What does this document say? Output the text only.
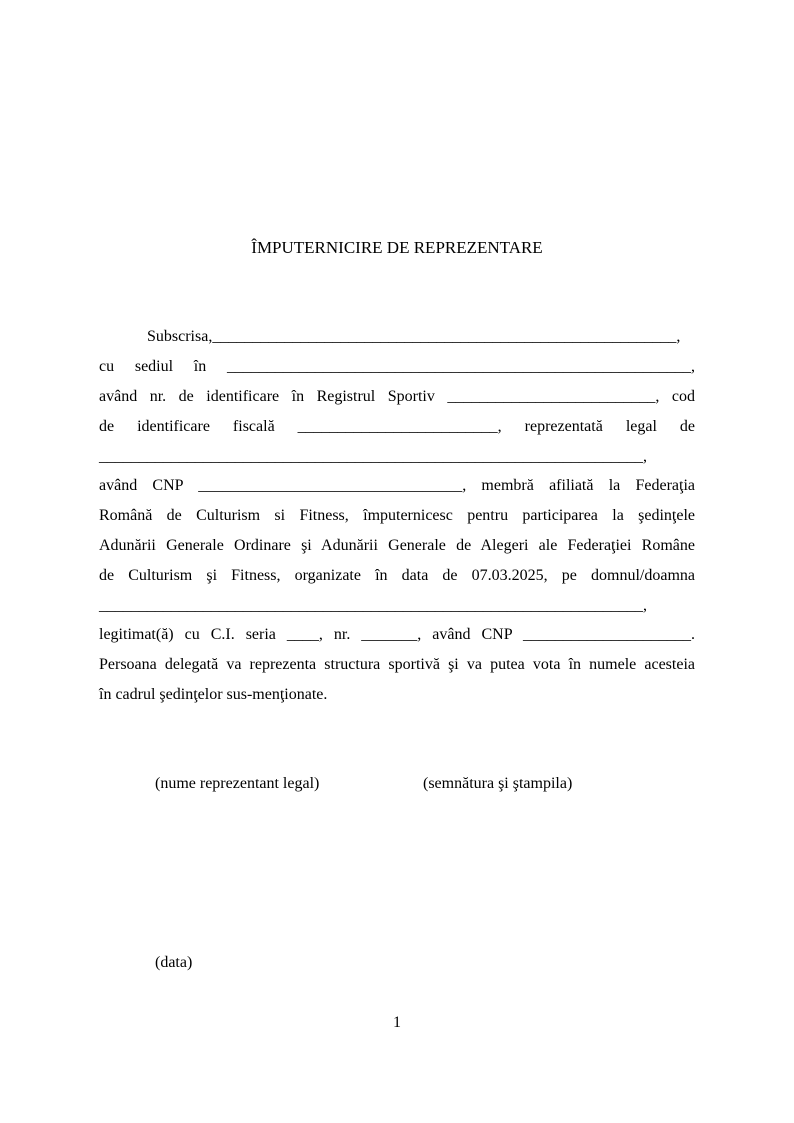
ÎMPUTERNICIRE DE REPREZENTARE
Subscrisa,__________________________________________________________,
cu sediul în __________________________________________________________,
având nr. de identificare în Registrul Sportiv __________________________, cod
de identificare fiscală _________________________, reprezentată legal de
____________________________________________________________________,
având CNP _________________________________, membră afiliată la Federaţia
Română de Culturism si Fitness, împuternicesc pentru participarea la şedinţele
Adunării Generale Ordinare şi Adunării Generale de Alegeri ale Federaţiei Române
de Culturism şi Fitness, organizate în data de 07.03.2025, pe domnul/doamna
____________________________________________________________________,
legitimat(ă) cu C.I. seria ____, nr. _______, având CNP _____________________.
Persoana delegată va reprezenta structura sportivă şi va putea vota în numele acesteia
în cadrul şedinţelor sus-menţionate.
(nume reprezentant legal)	(semnătura şi ştampila)
(data)
1
